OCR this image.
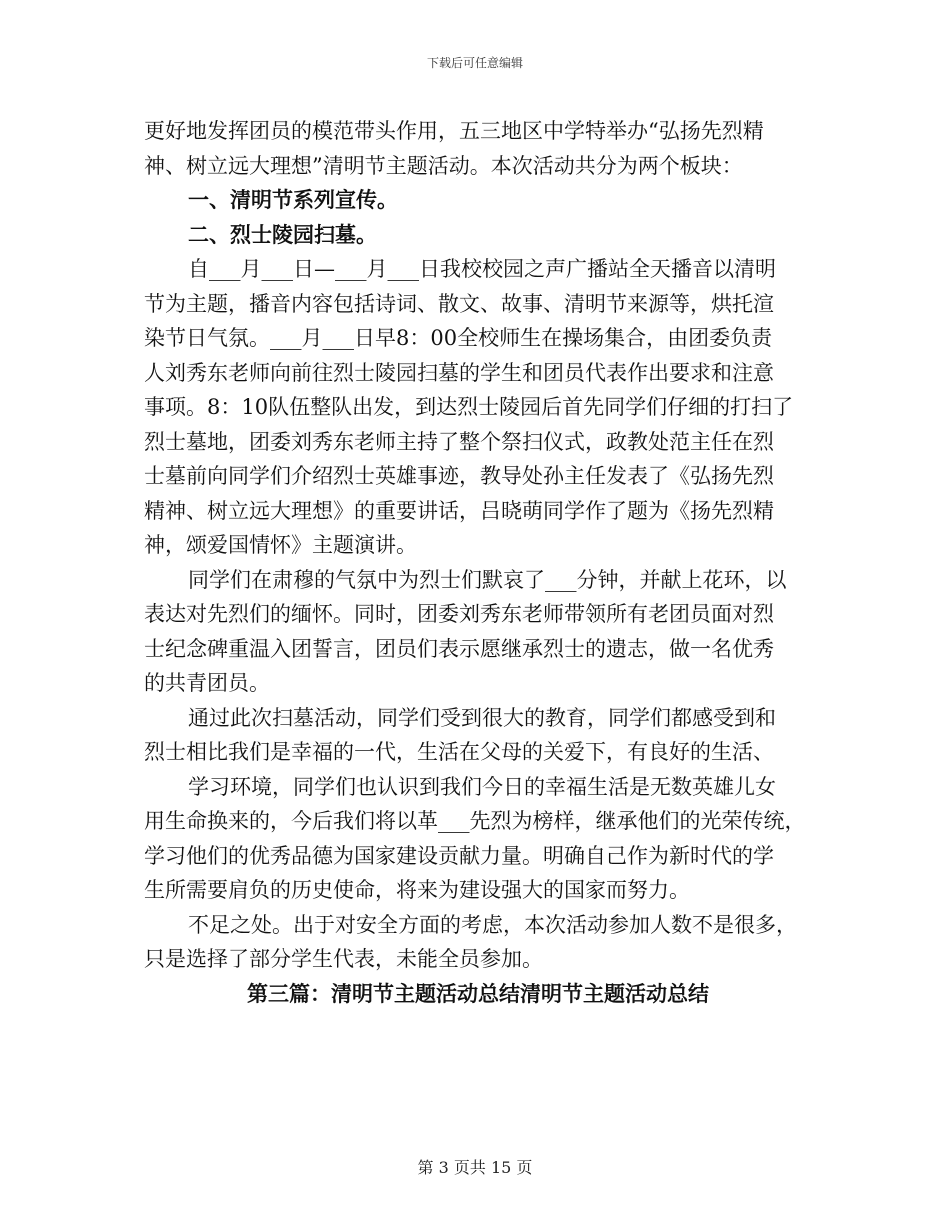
下载后可任意编辑
更好地发挥团员的模范带头作用，五三地区中学特举办“弘扬先烈精
神、树立远大理想”清明节主题活动。本次活动共分为两个板块：
一、清明节系列宣传。
二、烈士陵园扫墓。
自___月___日—___月___日我校校园之声广播站全天播音以清明
节为主题，播音内容包括诗词、散文、故事、清明节来源等，烘托渲
染节日气氛。___月___日早8：00全校师生在操场集合，由团委负责
人刘秀东老师向前往烈士陵园扫墓的学生和团员代表作出要求和注意
事项。8：10队伍整队出发，到达烈士陵园后首先同学们仔细的打扫了
烈士墓地，团委刘秀东老师主持了整个祭扫仪式，政教处范主任在烈
士墓前向同学们介绍烈士英雄事迹，教导处孙主任发表了《弘扬先烈
精神、树立远大理想》的重要讲话，吕晓萌同学作了题为《扬先烈精
神，颂爱国情怀》主题演讲。
同学们在肃穆的气氛中为烈士们默哀了___分钟，并献上花环，以
表达对先烈们的缅怀。同时，团委刘秀东老师带领所有老团员面对烈
士纪念碑重温入团誓言，团员们表示愿继承烈士的遗志，做一名优秀
的共青团员。
通过此次扫墓活动，同学们受到很大的教育，同学们都感受到和
烈士相比我们是幸福的一代，生活在父母的关爱下，有良好的生活、
学习环境，同学们也认识到我们今日的幸福生活是无数英雄儿女
用生命换来的，今后我们将以革___先烈为榜样，继承他们的光荣传统，
学习他们的优秀品德为国家建设贡献力量。明确自己作为新时代的学
生所需要肩负的历史使命，将来为建设强大的国家而努力。
不足之处。出于对安全方面的考虑，本次活动参加人数不是很多，
只是选择了部分学生代表，未能全员参加。
第三篇：清明节主题活动总结清明节主题活动总结
第 3 页共 15 页
